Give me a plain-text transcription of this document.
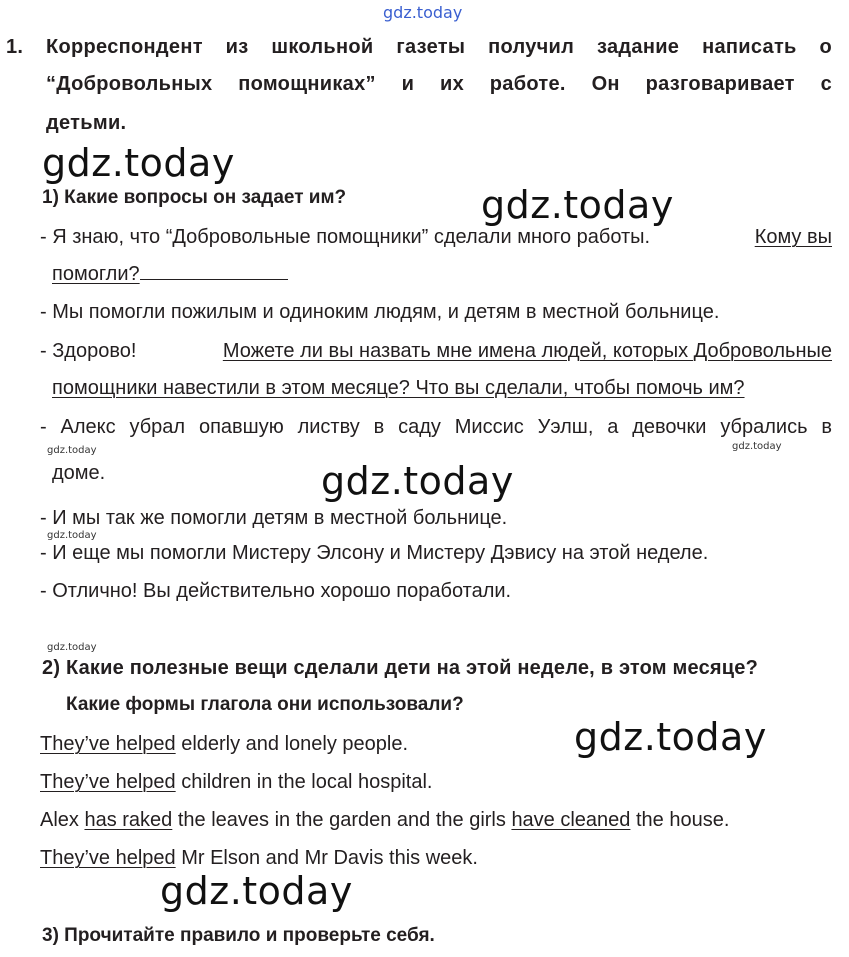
gdz.today
1. Корреспондент из школьной газеты получил задание написать о
“Добровольных помощниках” и их работе. Он разговаривает с
детьми.
gdz.today
1) Какие вопросы он задает им?	gdz.today
- Я знаю, что “Добровольные помощники” сделали много работы.	Кому вы
помогли?
- Мы помогли пожилым и одиноким людям, и детям в местной больнице.
- Здорово!	Можете ли вы назвать мне имена людей, которых Добровольные
помощники навестили в этом месяце? Что вы сделали, чтобы помочь им?
- Алекс убрал опавшую листву в саду Миссис Уэлш, а девочки убрались в
gdz.today	gdz.today
доме.	gdz.today
- И мы так же помогли детям в местной больнице.
gdz.today
- И еще мы помогли Мистеру Элсону и Мистеру Дэвису на этой неделе.
- Отлично! Вы действительно хорошо поработали.
gdz.today
2) Какие полезные вещи сделали дети на этой неделе, в этом месяце?
Какие формы глагола они использовали?
gdz.today
They’ve helped elderly and lonely people.
They’ve helped children in the local hospital.
Alex has raked the leaves in the garden and the girls have cleaned the house.
They’ve helped Mr Elson and Mr Davis this week.
gdz.today
3) Прочитайте правило и проверьте себя.
